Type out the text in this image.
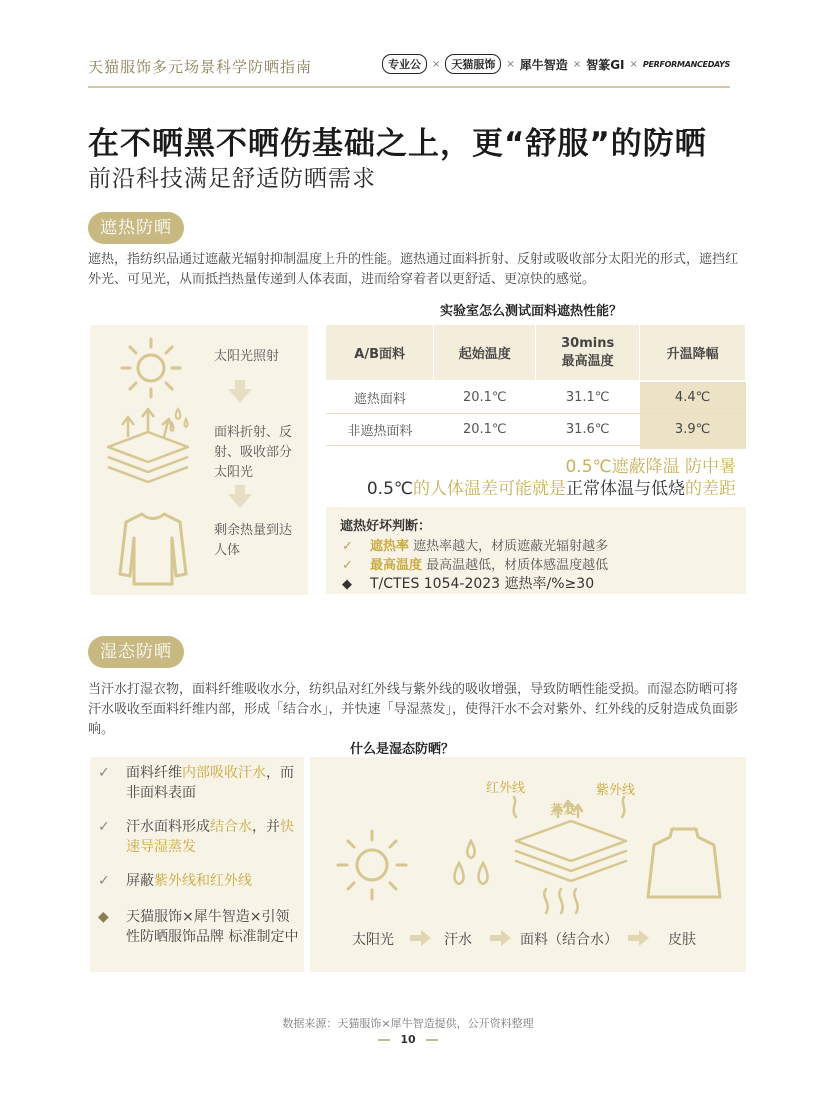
天猫服饰多元场景科学防晒指南	专业公	×	天猫服饰	× 犀牛智造 × 智篆GI × PERFORMANCEDAYS
在不晒黑不晒伤基础之上，更“舒服”的防晒
前沿科技满足舒适防晒需求
遮热防晒
遮热，指纺织品通过遮蔽光辐射抑制温度上升的性能。遮热通过面料折射、反射或吸收部分太阳光的形式，遮挡红外光、可见光，从而抵挡热量传递到人体表面，进而给穿着者以更舒适、更凉快的感觉。
实验室怎么测试面料遮热性能？
太阳光照射
面料折射、反射、吸收部分太阳光
剩余热量到达人体
A/B面料	起始温度	30mins 最高温度	升温降幅
遮热面料	20.1℃	31.1℃	4.4℃
非遮热面料	20.1℃	31.6℃	3.9℃
0.5℃遮蔽降温 防中暑
0.5℃的人体温差可能就是正常体温与低烧的差距
遮热好坏判断：
✓ 遮热率 遮热率越大，材质遮蔽光辐射越多
✓ 最高温度 最高温越低，材质体感温度越低
◆ T/CTES 1054-2023 遮热率/%≥30
湿态防晒
当汗水打湿衣物，面料纤维吸收水分，纺织品对红外线与紫外线的吸收增强，导致防晒性能受损。而湿态防晒可将汗水吸收至面料纤维内部，形成「结合水」，并快速「导湿蒸发」，使得汗水不会对紫外、红外线的反射造成负面影响。
什么是湿态防晒？
✓	面料纤维内部吸收汗水，而非面料表面
✓	汗水面料形成结合水，并快速导湿蒸发
✓	屏蔽紫外线和红外线
◆	天猫服饰×犀牛智造×引领性防晒服饰品牌 标准制定中
红外线	紫外线
蒸发
太阳光	汗水	面料（结合水）	皮肤
数据来源：天猫服饰×犀牛智造提供，公开资料整理
10
